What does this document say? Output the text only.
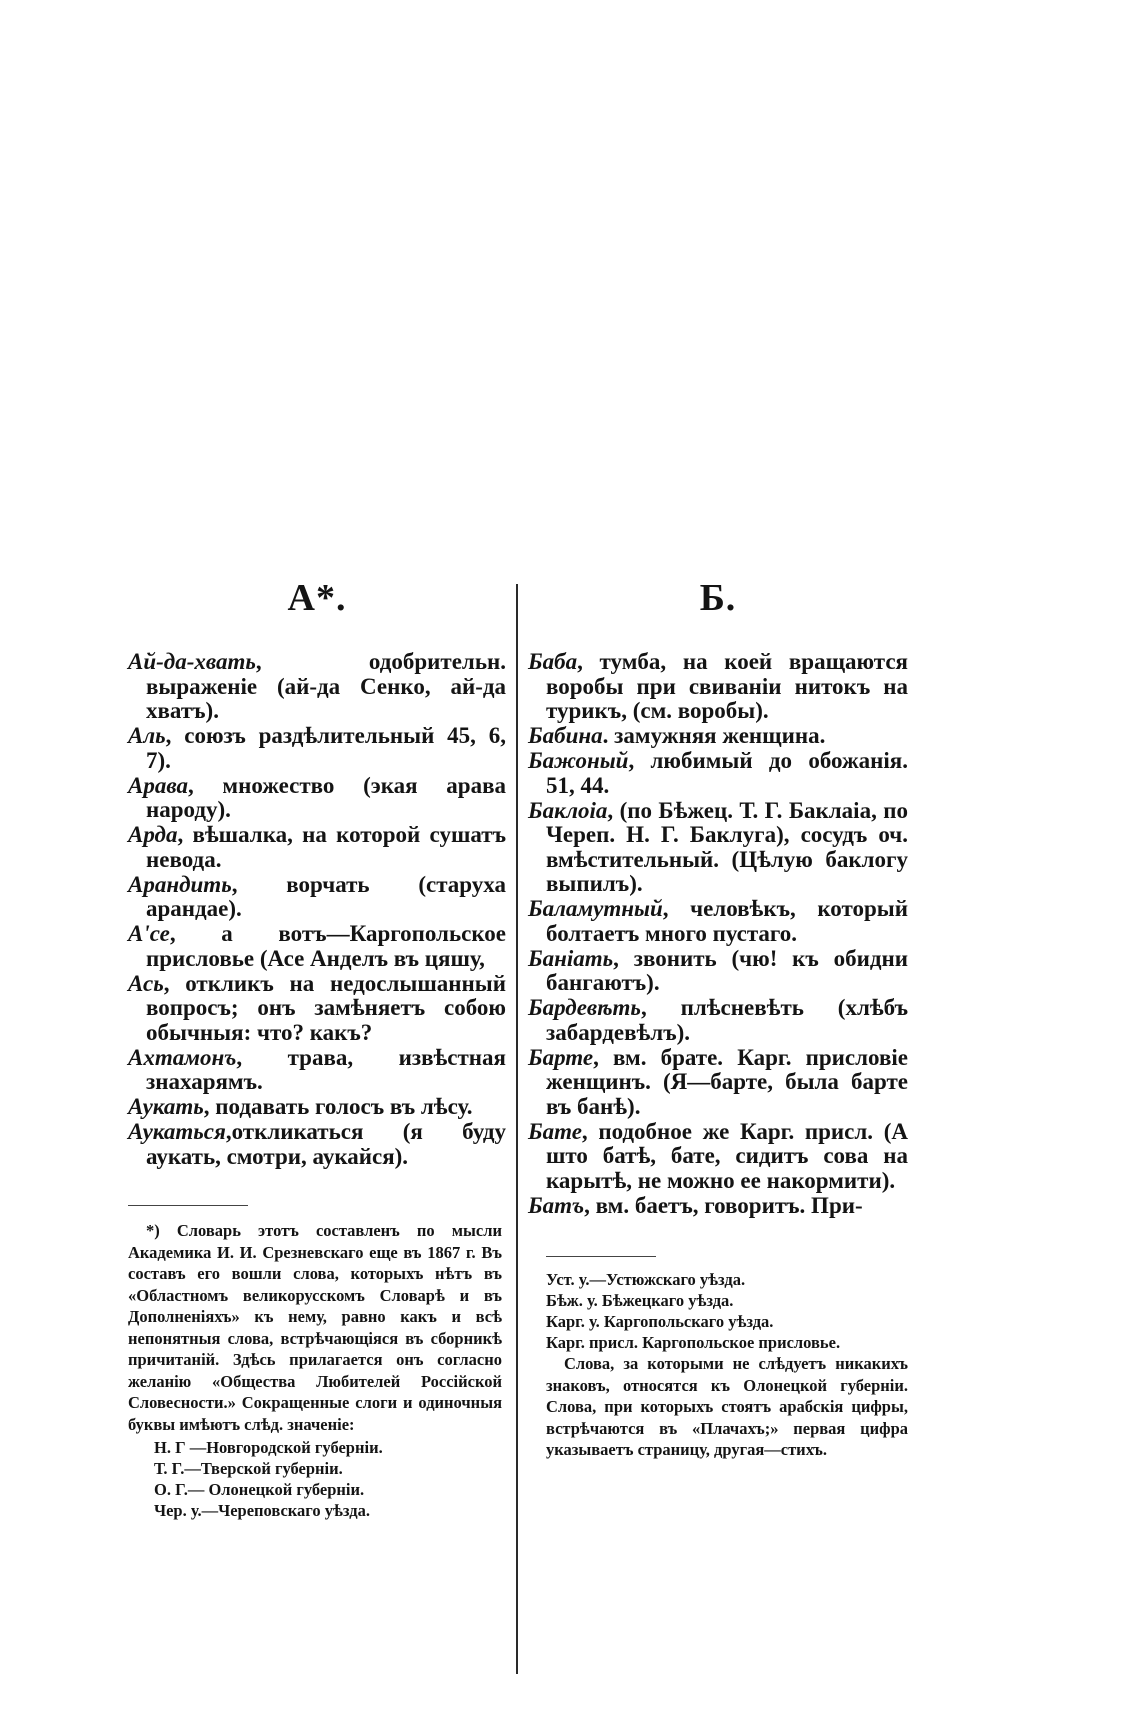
А*.

Ай-да-хвать, одобрительн. выраженіе (ай-да Сенко, ай-да хватъ).

Аль, союзъ раздѣлительный 45, 6, 7).

Арава, множество (экая арава народу).

Арда, вѣшалка, на которой сушатъ невода.

Арандить, ворчать (старуха арандае).

А'се, а вотъ—Каргопольское присловье (Асе Анделъ въ цяшу,

Ась, откликъ на недослышанный вопросъ; онъ замѣняетъ собою обычныя: что? какъ?

Ахтамонъ, трава, извѣстная знахарямъ.

Аукать, подавать голосъ въ лѣсу.

Аукаться,откликаться (я буду аукать, смотри, аукайся).

*) Словарь этотъ составленъ по мысли Академика И. И. Срезневскаго еще въ 1867 г. Въ составъ его вошли слова, которыхъ нѣтъ въ «Областномъ великорусскомъ Словарѣ и въ Дополненіяхъ» къ нему, равно какъ и всѣ непонятныя слова, встрѣчающіяся въ сборникѣ причитаній. Здѣсь прилагается онъ согласно желанію «Общества Любителей Россійской Словесности.» Сокращенные слоги и одиночныя буквы имѣютъ слѣд. значеніе:

Н. Г —Новгородской губерніи.
Т. Г.—Тверской губерніи.
О. Г.— Олонецкой губерніи.
Чер. у.—Череповскаго уѣзда.
Б.

Баба, тумба, на коей вращаются воробы при свиваніи нитокъ на турикъ, (см. воробы).

Бабина. замужняя женщина.

Бажоный, любимый до обожанія. 51, 44.

Баклоіа, (по Бѣжец. Т. Г. Баклаіа, по Череп. Н. Г. Баклуга), сосудъ оч. вмѣстительный. (Цѣлую баклогу выпилъ).

Баламутный, человѣкъ, который болтаетъ много пустаго.

Баніать, звонить (чю! къ обидни бангаютъ).

Бардевѣть, плѣсневѣть (хлѣбъ забардевѣлъ).

Барте, вм. брате. Карг. присловіе женщинъ. (Я—барте, была барте въ банѣ).

Бате, подобное же Карг. присл. (А што батѣ, бате, сидитъ сова на карытѣ, не можно ее накормити).

Батъ, вм. баетъ, говоритъ. При-

Уст. у.—Устюжскаго уѣзда.
Бѣж. у. Бѣжецкаго уѣзда.
Карг. у. Каргопольскаго уѣзда.
Карг. присл. Каргопольское присловье.

Слова, за которыми не слѣдуетъ никакихъ знаковъ, относятся къ Олонецкой губерніи. Слова, при которыхъ стоятъ арабскія цифры, встрѣчаются въ «Плачахъ;» первая цифра указываетъ страницу, другая—стихъ.
